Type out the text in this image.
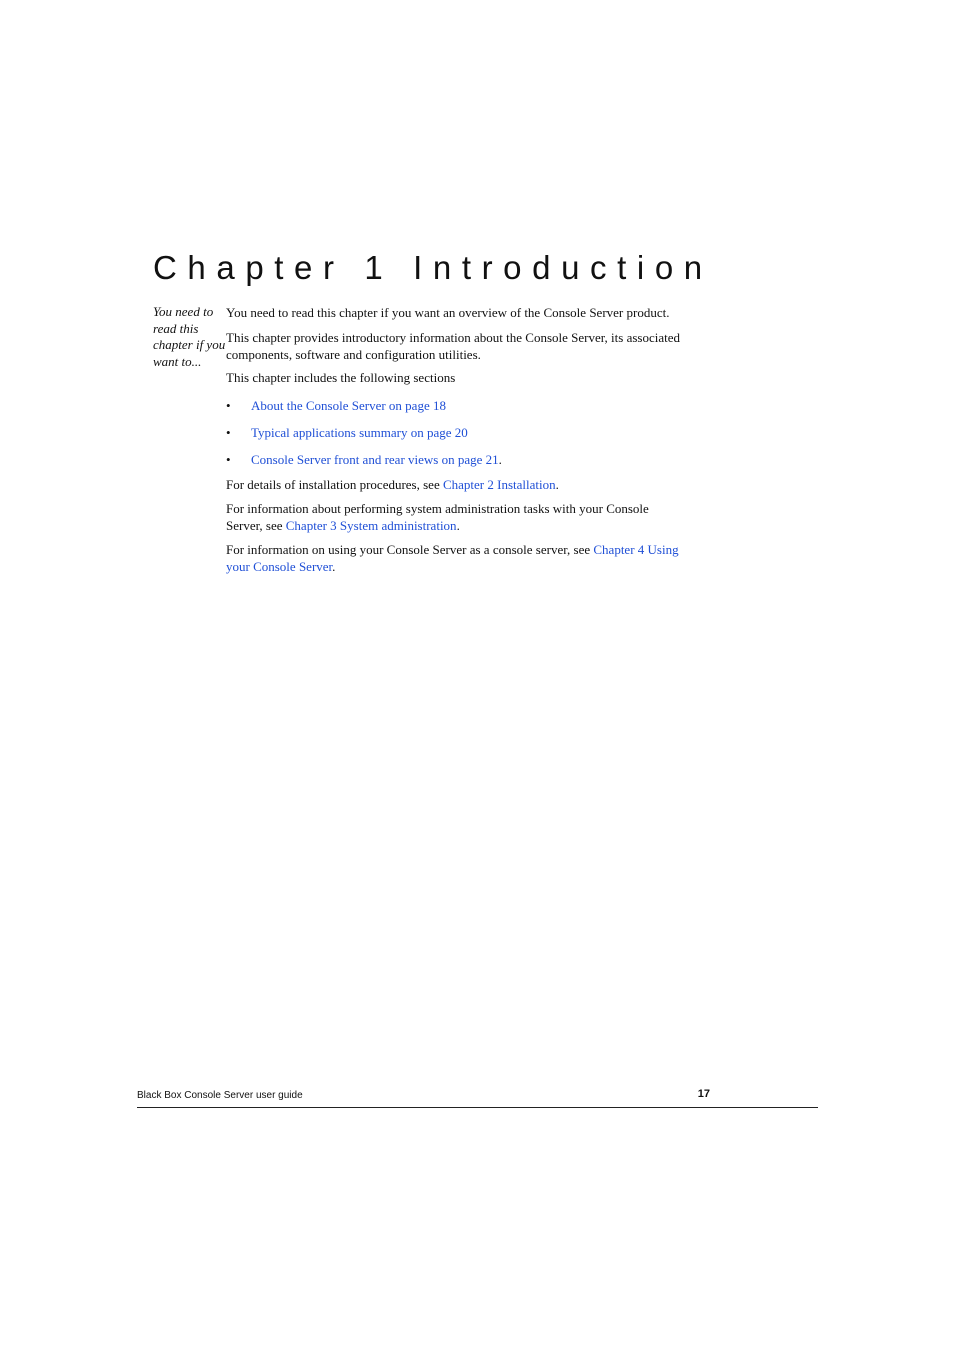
Chapter 1 Introduction
You need to read this chapter if you want to...

You need to read this chapter if you want an overview of the Console Server product.

This chapter provides introductory information about the Console Server, its associated components, software and configuration utilities.

This chapter includes the following sections

• About the Console Server on page 18
• Typical applications summary on page 20
• Console Server front and rear views on page 21.

For details of installation procedures, see Chapter 2 Installation.

For information about performing system administration tasks with your Console Server, see Chapter 3 System administration.

For information on using your Console Server as a console server, see Chapter 4 Using your Console Server.

Black Box Console Server user guide	17
